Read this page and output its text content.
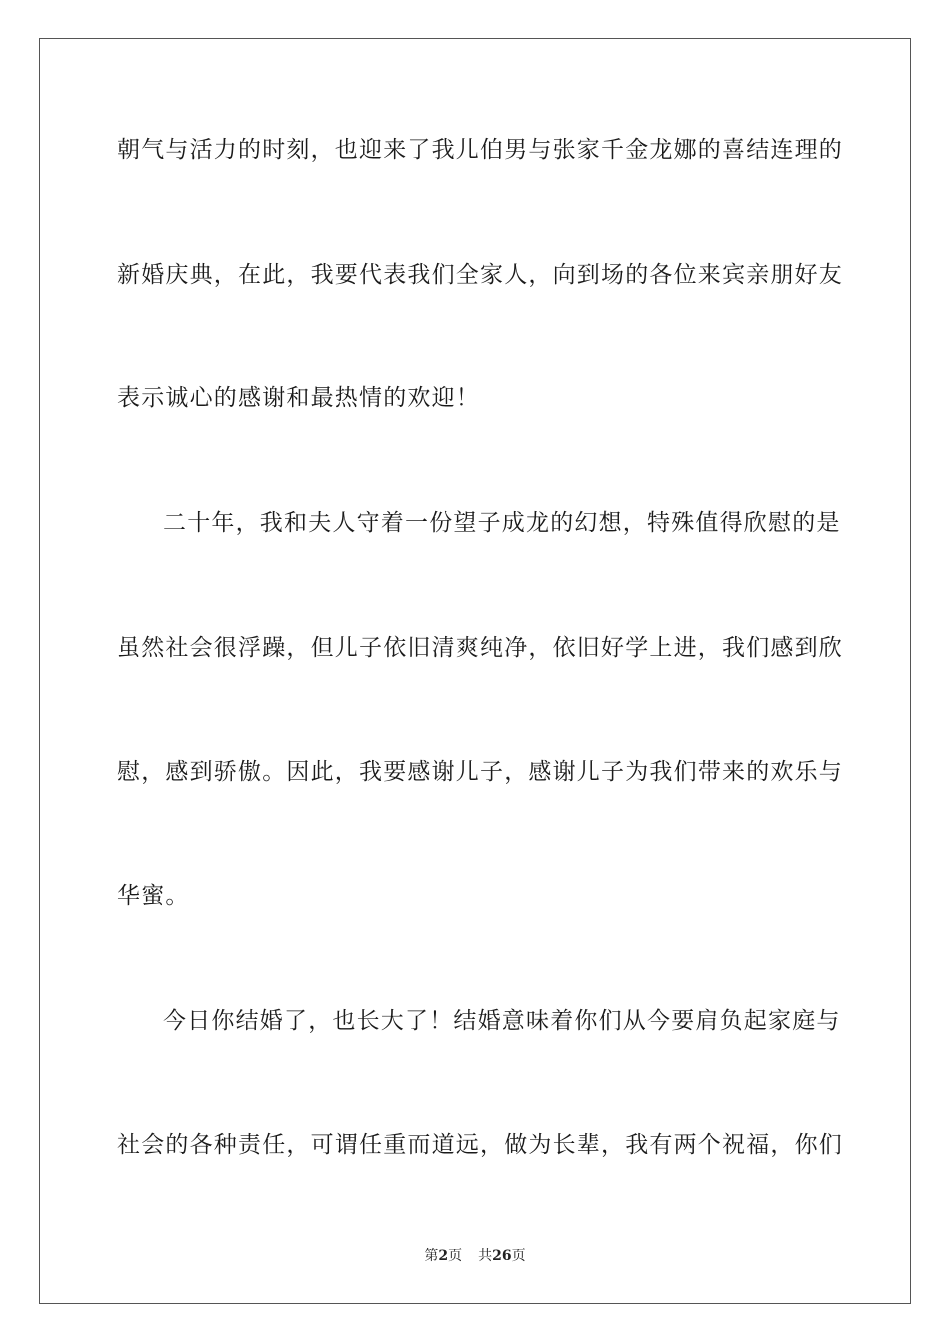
朝气与活力的时刻，也迎来了我儿伯男与张家千金龙娜的喜结连理的
新婚庆典，在此，我要代表我们全家人，向到场的各位来宾亲朋好友
表示诚心的感谢和最热情的欢迎！
二十年，我和夫人守着一份望子成龙的幻想，特殊值得欣慰的是
虽然社会很浮躁，但儿子依旧清爽纯净，依旧好学上进，我们感到欣
慰，感到骄傲。因此，我要感谢儿子，感谢儿子为我们带来的欢乐与
华蜜。
今日你结婚了，也长大了！结婚意味着你们从今要肩负起家庭与
社会的各种责任，可谓任重而道远，做为长辈，我有两个祝福，你们
第2页 共26页
